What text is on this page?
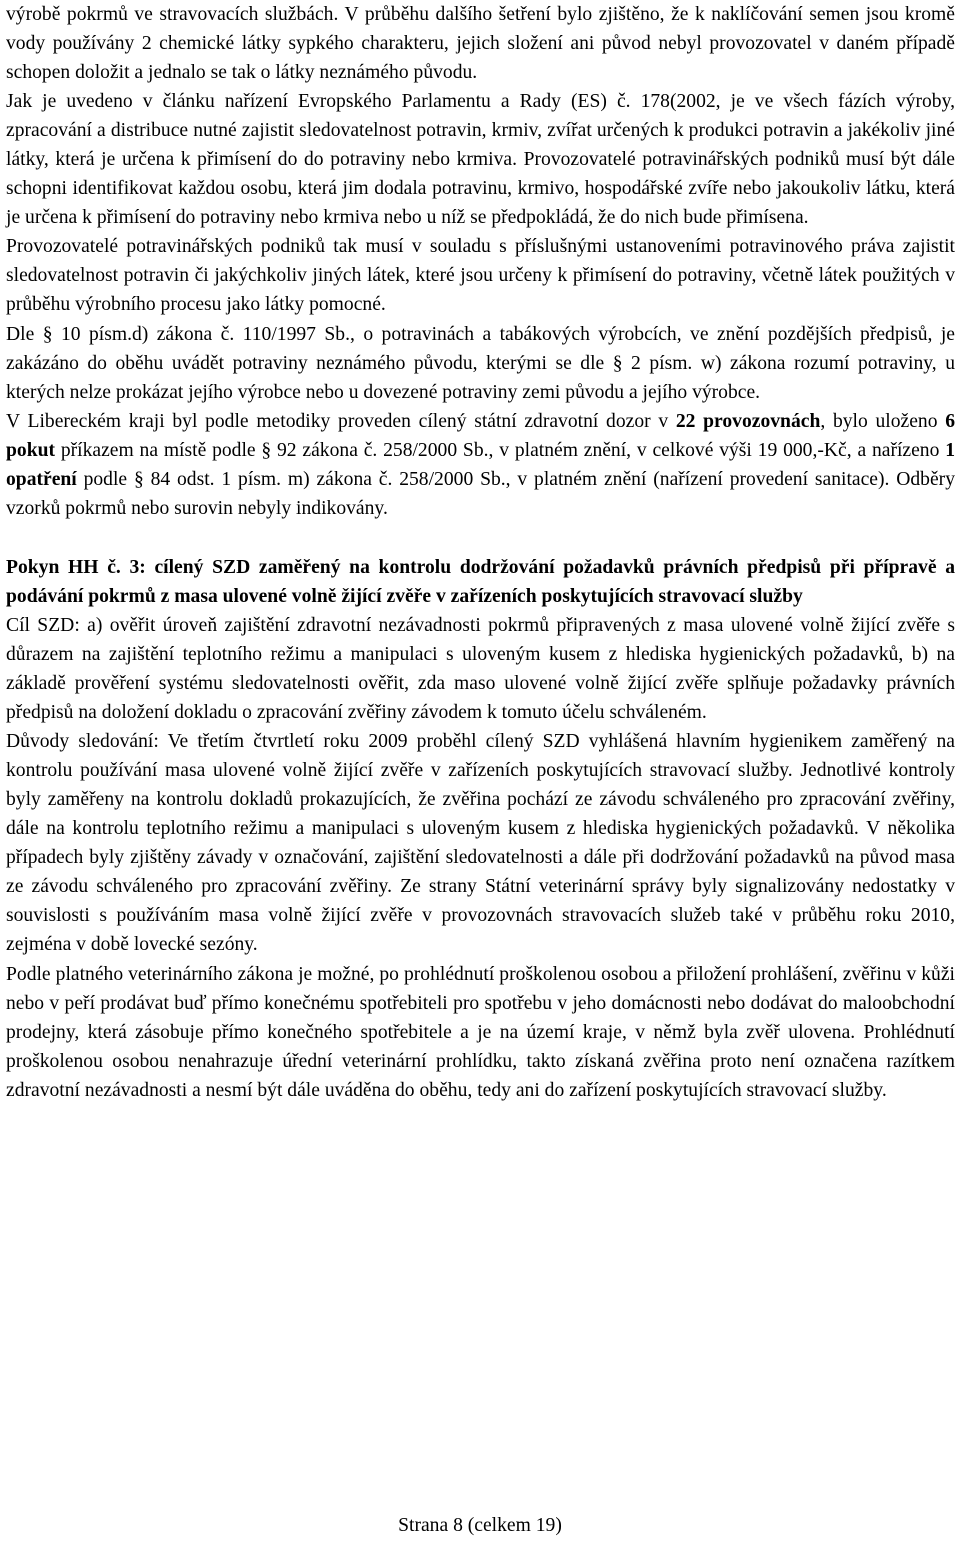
výrobě pokrmů ve stravovacích službách. V průběhu dalšího šetření bylo zjištěno, že k naklíčování semen jsou kromě vody používány 2 chemické látky sypkého charakteru, jejich složení ani původ nebyl provozovatel v daném případě schopen doložit a jednalo se tak o látky neznámého původu.

Jak je uvedeno v článku nařízení Evropského Parlamentu a Rady (ES) č. 178(2002, je ve všech fázích výroby, zpracování a distribuce nutné zajistit sledovatelnost potravin, krmiv, zvířat určených k produkci potravin a jakékoliv jiné látky, která je určena k přimísení do do potraviny nebo krmiva. Provozovatelé potravinářských podniků musí být dále schopni identifikovat každou osobu, která jim dodala potravinu, krmivo, hospodářské zvíře nebo jakoukoliv látku, která je určena k přimísení do potraviny nebo krmiva nebo u níž se předpokládá, že do nich bude přimísena.

Provozovatelé potravinářských podniků tak musí v souladu s příslušnými ustanoveními potravinového práva zajistit sledovatelnost potravin či jakýchkoliv jiných látek, které jsou určeny k přimísení do potraviny, včetně látek použitých v průběhu výrobního procesu jako látky pomocné.

Dle § 10 písm.d) zákona č. 110/1997 Sb., o potravinách a tabákových výrobcích, ve znění pozdějších předpisů, je zakázáno do oběhu uvádět potraviny neznámého původu, kterými se dle § 2 písm. w) zákona rozumí potraviny, u kterých nelze prokázat jejího výrobce nebo u dovezené potraviny zemi původu a jejího výrobce.

V Libereckém kraji byl podle metodiky proveden cílený státní zdravotní dozor v 22 provozovnách, bylo uloženo 6 pokut příkazem na místě podle § 92 zákona č. 258/2000 Sb., v platném znění, v celkové výši 19 000,-Kč, a nařízeno 1 opatření podle § 84 odst. 1 písm. m) zákona č. 258/2000 Sb., v platném znění (nařízení provedení sanitace). Odběry vzorků pokrmů nebo surovin nebyly indikovány.

Pokyn HH č. 3: cílený SZD zaměřený na kontrolu dodržování požadavků právních předpisů při přípravě a podávání pokrmů z masa ulovené volně žijící zvěře v zařízeních poskytujících stravovací služby

Cíl SZD: a) ověřit úroveň zajištění zdravotní nezávadnosti pokrmů připravených z masa ulovené volně žijící zvěře s důrazem na zajištění teplotního režimu a manipulaci s uloveným kusem z hlediska hygienických požadavků, b) na základě prověření systému sledovatelnosti ověřit, zda maso ulovené volně žijící zvěře splňuje požadavky právních předpisů na doložení dokladu o zpracování zvěřiny závodem k tomuto účelu schváleném.

Důvody sledování: Ve třetím čtvrtletí roku 2009 proběhl cílený SZD vyhlášená hlavním hygienikem zaměřený na kontrolu používání masa ulovené volně žijící zvěře v zařízeních poskytujících stravovací služby. Jednotlivé kontroly byly zaměřeny na kontrolu dokladů prokazujících, že zvěřina pochází ze závodu schváleného pro zpracování zvěřiny, dále na kontrolu teplotního režimu a manipulaci s uloveným kusem z hlediska hygienických požadavků. V několika případech byly zjištěny závady v označování, zajištění sledovatelnosti a dále při dodržování požadavků na původ masa ze závodu schváleného pro zpracování zvěřiny. Ze strany Státní veterinární správy byly signalizovány nedostatky v souvislosti s používáním masa volně žijící zvěře v provozovnách stravovacích služeb také v průběhu roku 2010, zejména v době lovecké sezóny.

Podle platného veterinárního zákona je možné, po prohlédnutí proškolenou osobou a přiložení prohlášení, zvěřinu v kůži nebo v peří prodávat buď přímo konečnému spotřebiteli pro spotřebu v jeho domácnosti nebo dodávat do maloobchodní prodejny, která zásobuje přímo konečného spotřebitele a je na území kraje, v němž byla zvěř ulovena. Prohlédnutí proškolenou osobou nenahrazuje úřední veterinární prohlídku, takto získaná zvěřina proto není označena razítkem zdravotní nezávadnosti a nesmí být dále uváděna do oběhu, tedy ani do zařízení poskytujících stravovací služby.

Strana 8 (celkem 19)
